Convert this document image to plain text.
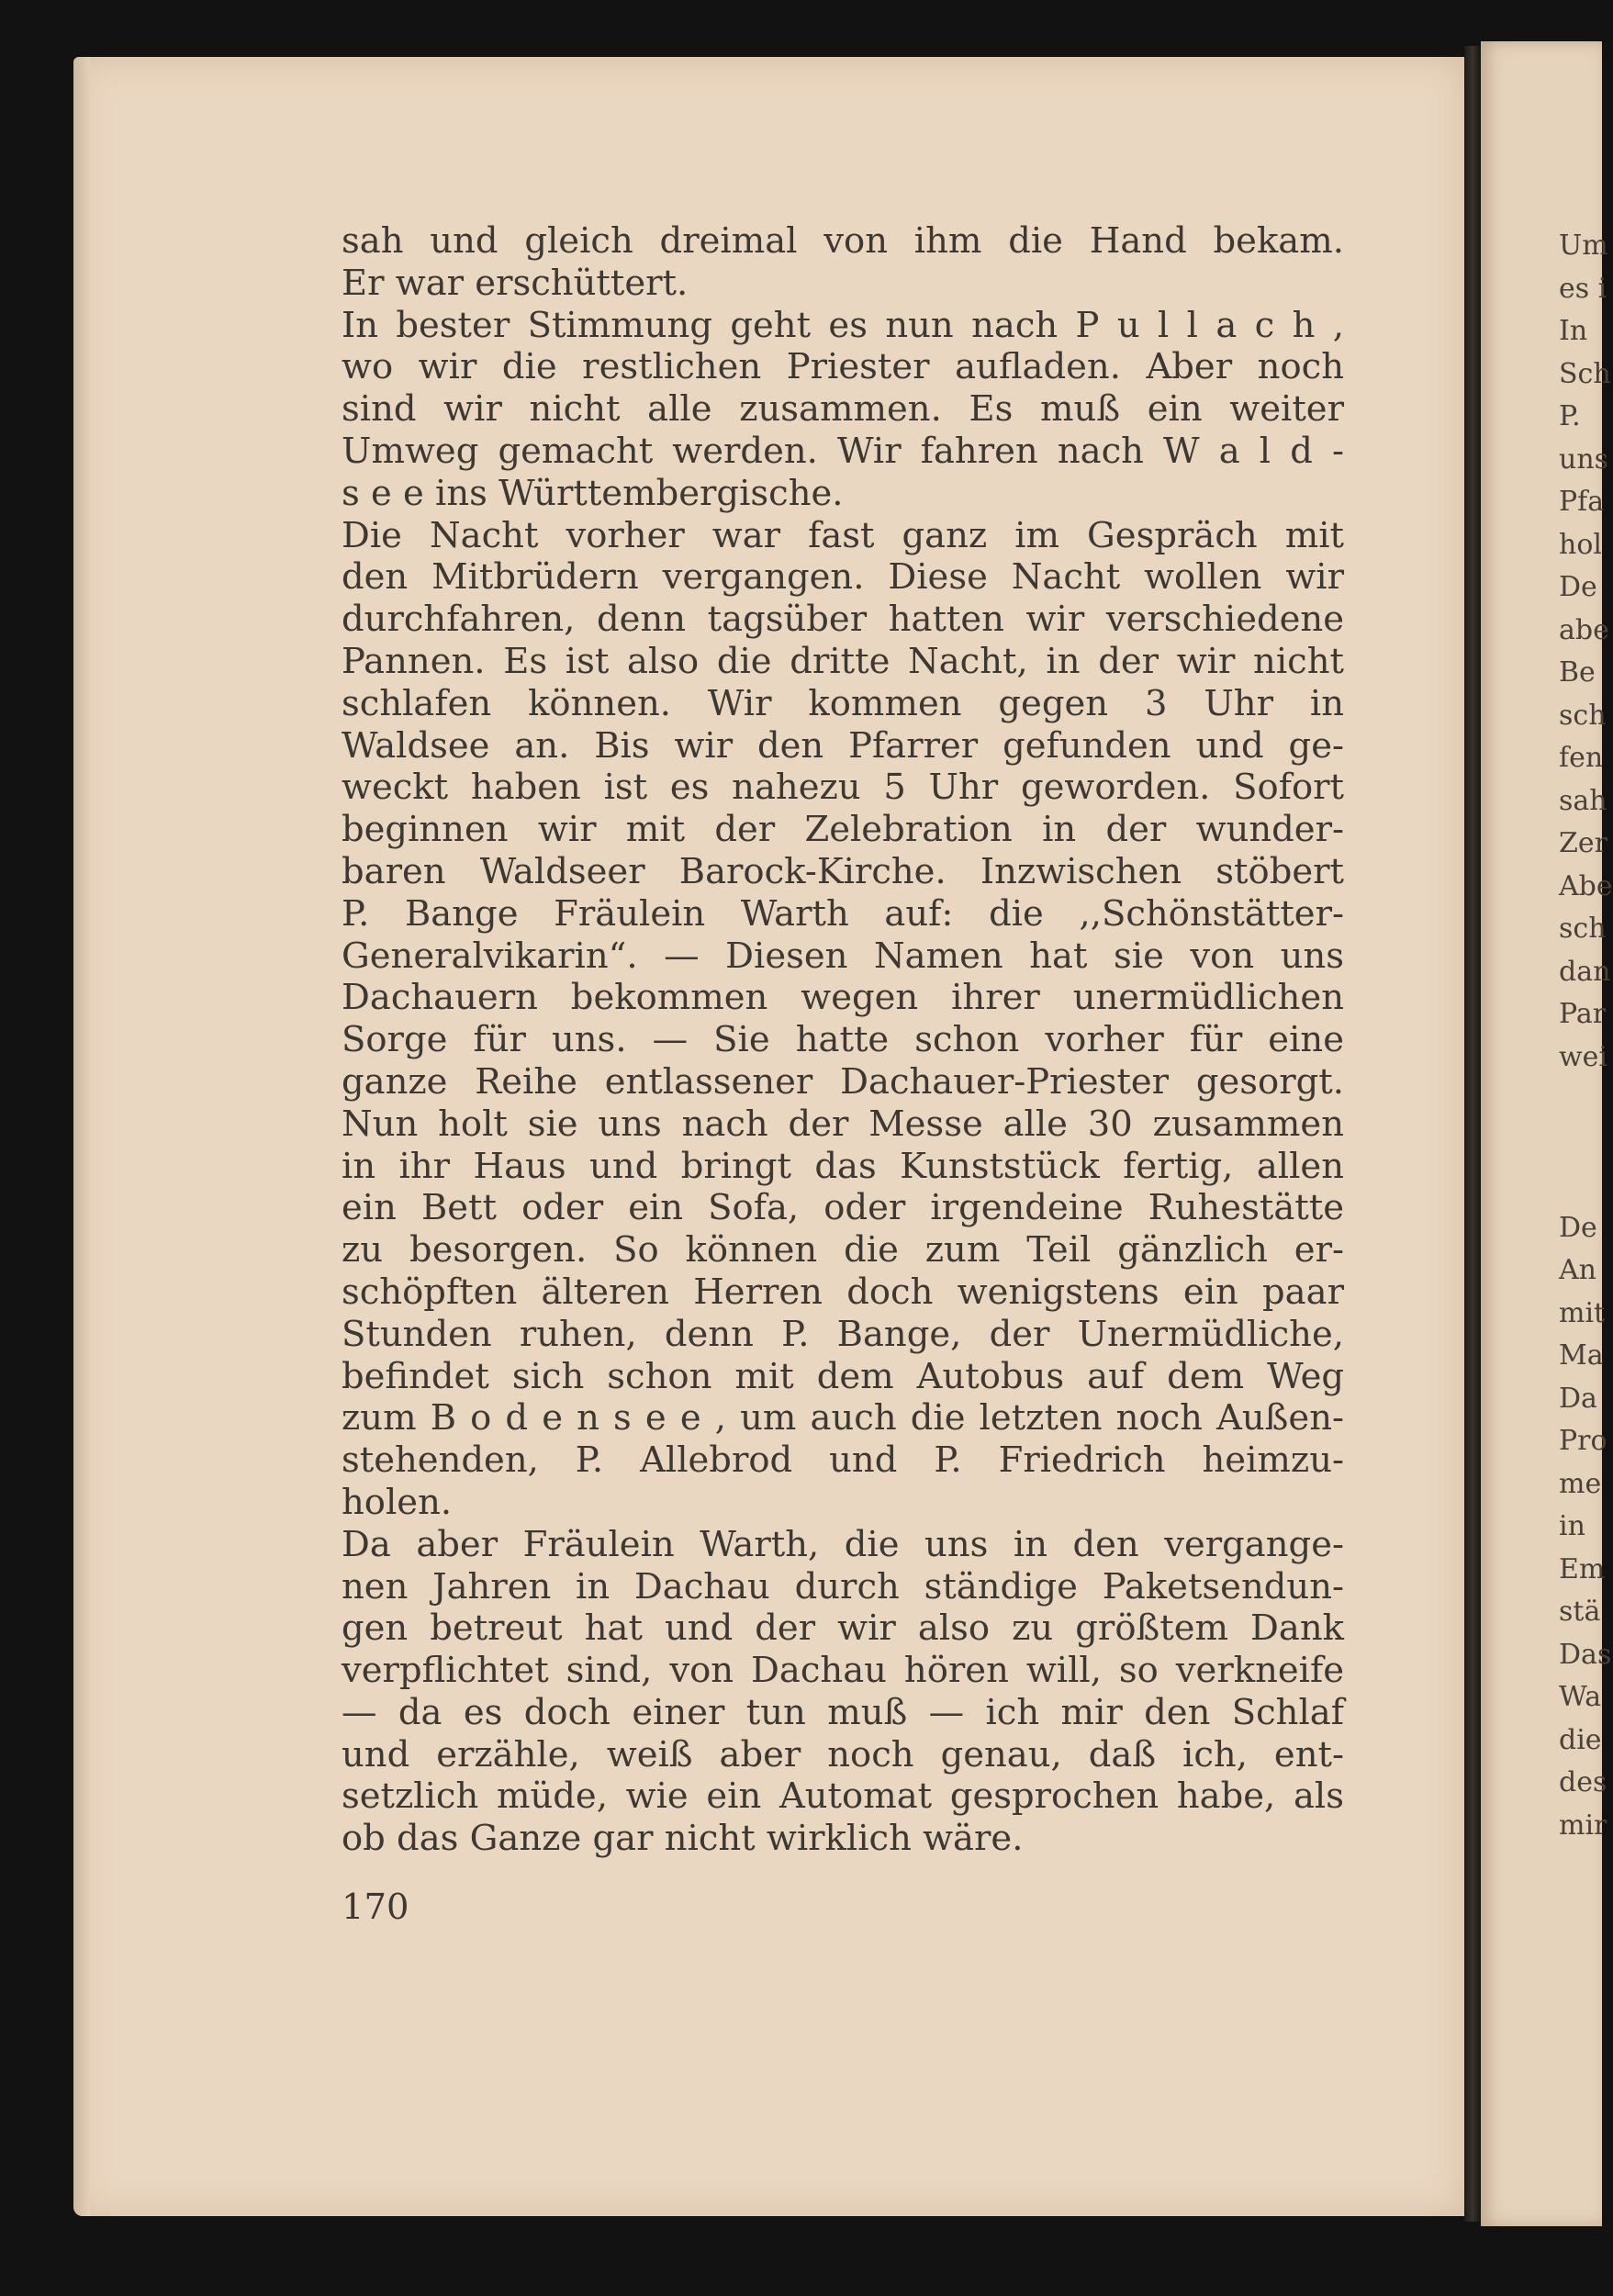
sah und gleich dreimal von ihm die Hand bekam.
Er war erschüttert.
In bester Stimmung geht es nun nach P u l l a c h ,
wo wir die restlichen Priester aufladen. Aber noch
sind wir nicht alle zusammen. Es muß ein weiter
Umweg gemacht werden. Wir fahren nach W a l d -
s e e ins Württembergische.
Die Nacht vorher war fast ganz im Gespräch mit
den Mitbrüdern vergangen. Diese Nacht wollen wir
durchfahren, denn tagsüber hatten wir verschiedene
Pannen. Es ist also die dritte Nacht, in der wir nicht
schlafen können. Wir kommen gegen 3 Uhr in
Waldsee an. Bis wir den Pfarrer gefunden und ge-
weckt haben ist es nahezu 5 Uhr geworden. Sofort
beginnen wir mit der Zelebration in der wunder-
baren Waldseer Barock-Kirche. Inzwischen stöbert
P. Bange Fräulein Warth auf: die ,,Schönstätter-
Generalvikarin“. — Diesen Namen hat sie von uns
Dachauern bekommen wegen ihrer unermüdlichen
Sorge für uns. — Sie hatte schon vorher für eine
ganze Reihe entlassener Dachauer-Priester gesorgt.
Nun holt sie uns nach der Messe alle 30 zusammen
in ihr Haus und bringt das Kunststück fertig, allen
ein Bett oder ein Sofa, oder irgendeine Ruhestätte
zu besorgen. So können die zum Teil gänzlich er-
schöpften älteren Herren doch wenigstens ein paar
Stunden ruhen, denn P. Bange, der Unermüdliche,
befindet sich schon mit dem Autobus auf dem Weg
zum B o d e n s e e , um auch die letzten noch Außen-
stehenden, P. Allebrod und P. Friedrich heimzu-
holen.
Da aber Fräulein Warth, die uns in den vergange-
nen Jahren in Dachau durch ständige Paketsendun-
gen betreut hat und der wir also zu größtem Dank
verpflichtet sind, von Dachau hören will, so verkneife
— da es doch einer tun muß — ich mir den Schlaf
und erzähle, weiß aber noch genau, daß ich, ent-
setzlich müde, wie ein Automat gesprochen habe, als
ob das Ganze gar nicht wirklich wäre.
170
Um
es i
In
Sch
P.
uns
Pfa
hol
De
abe
Be
sch
fen
sah
Zer
Abe
sch
dan
Par
wei

De
An
mit
Ma
Da
Pro
me
in
Em
stä
Das
Wa
die
des
mir
